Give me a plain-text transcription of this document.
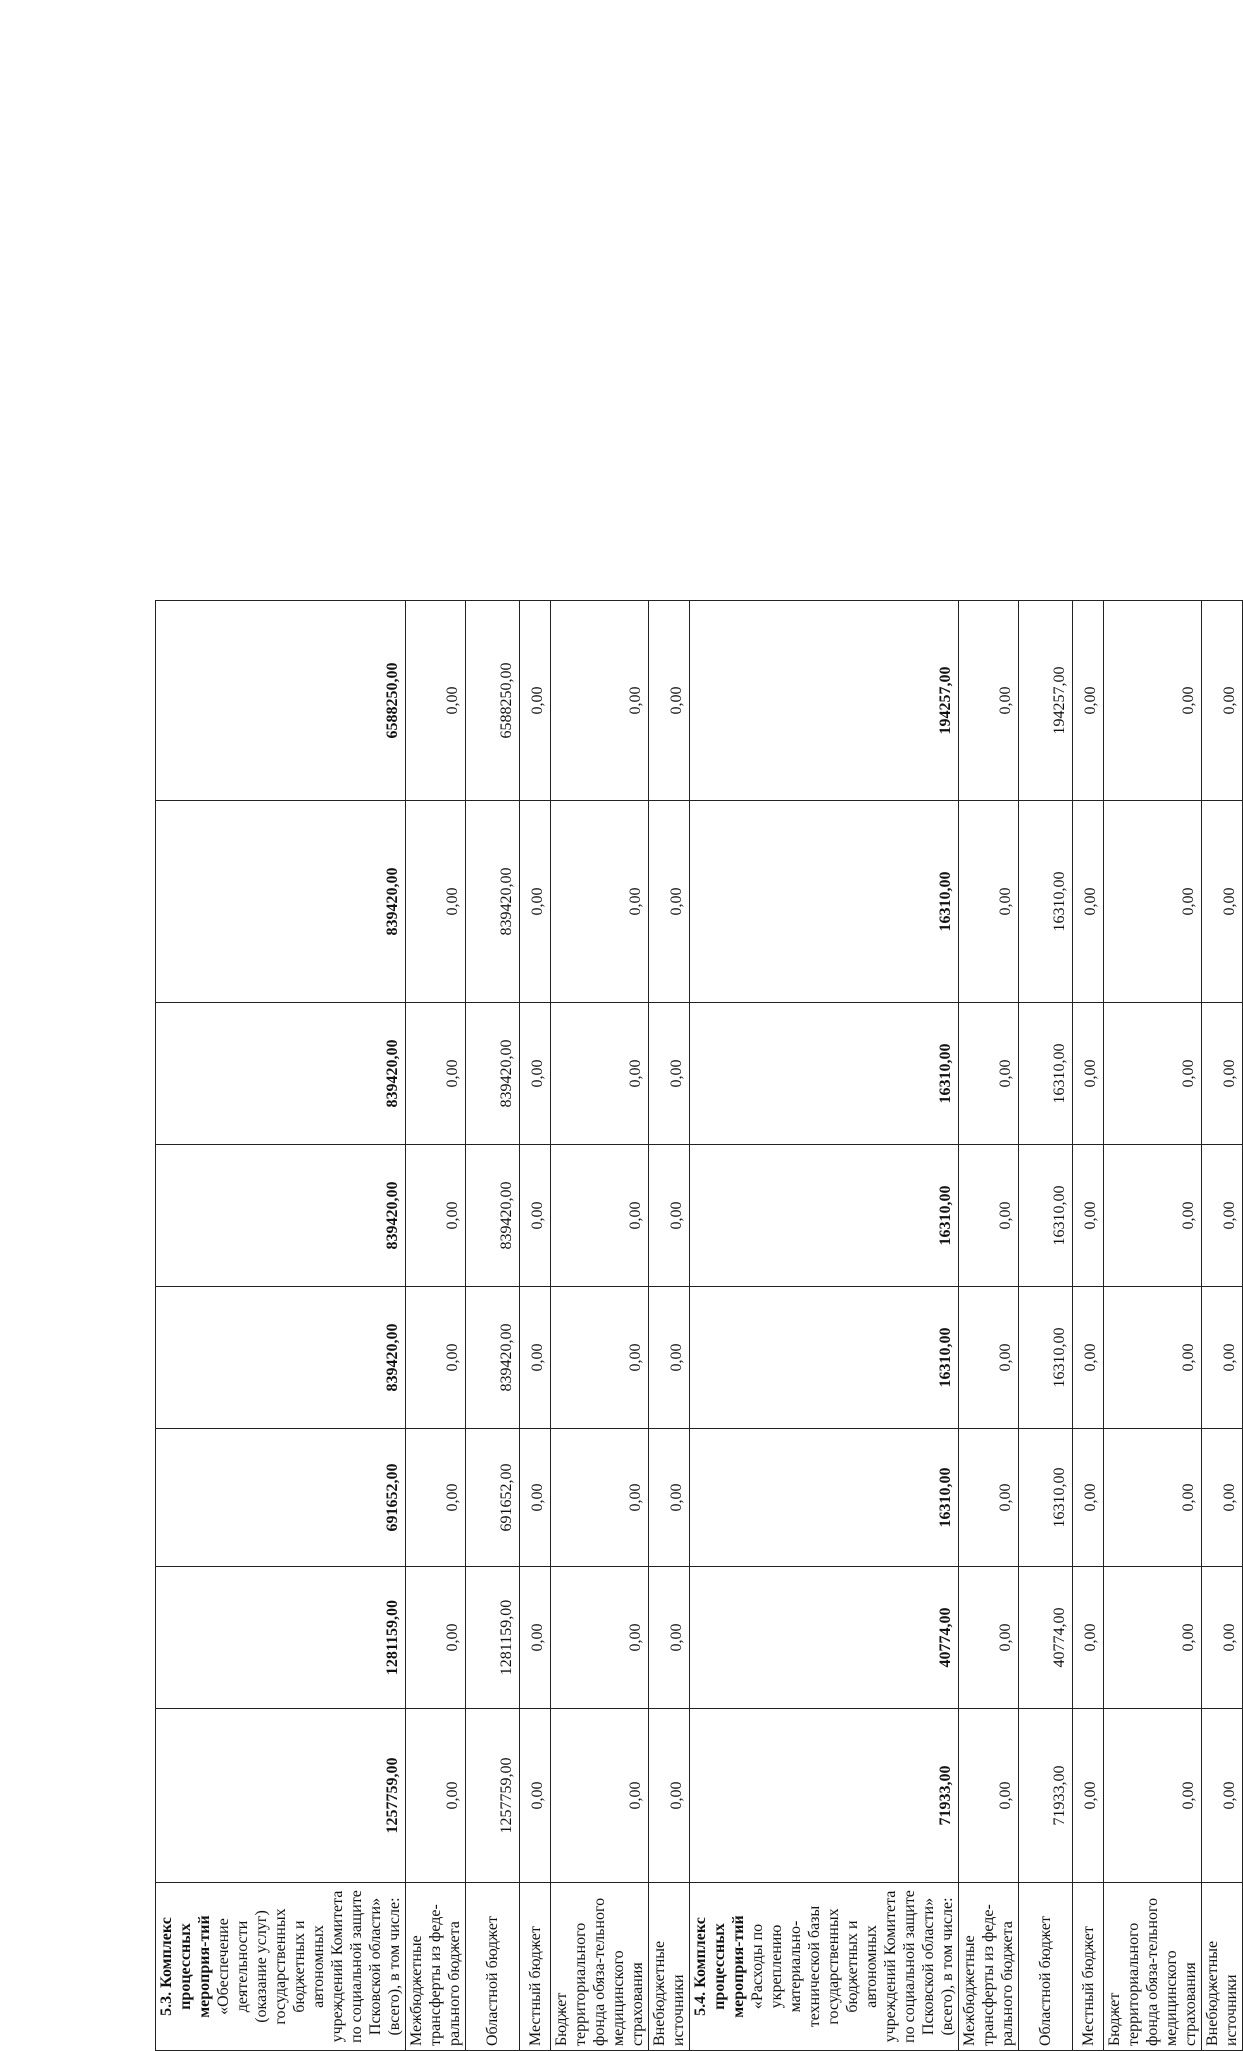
5.3. Комплекс процессных мероприя-тий «Обеспечение деятельности (оказание услуг) государственных бюджетных и автономных учреждений Комитета по социальной защите Псковской области» (всего), в том числе:	1257759,00	1281159,00	691652,00	839420,00	839420,00	839420,00	839420,00	6588250,00
Межбюджетные трансферты из феде-рального бюджета	0,00	0,00	0,00	0,00	0,00	0,00	0,00	0,00
Областной бюджет	1257759,00	1281159,00	691652,00	839420,00	839420,00	839420,00	839420,00	6588250,00
Местный бюджет	0,00	0,00	0,00	0,00	0,00	0,00	0,00	0,00
Бюджет территориального фонда обяза-тельного медицинского страхования	0,00	0,00	0,00	0,00	0,00	0,00	0,00	0,00
Внебюджетные источники	0,00	0,00	0,00	0,00	0,00	0,00	0,00	0,00

5.4. Комплекс процессных мероприя-тий «Расходы по укреплению материально-технической базы государственных бюджетных и автономных учреждений Комитета по социальной защите Псковской области» (всего), в том числе:	71933,00	40774,00	16310,00	16310,00	16310,00	16310,00	16310,00	194257,00
Межбюджетные трансферты из феде-рального бюджета	0,00	0,00	0,00	0,00	0,00	0,00	0,00	0,00
Областной бюджет	71933,00	40774,00	16310,00	16310,00	16310,00	16310,00	16310,00	194257,00
Местный бюджет	0,00	0,00	0,00	0,00	0,00	0,00	0,00	0,00
Бюджет территориального фонда обяза-тельного медицинского страхования	0,00	0,00	0,00	0,00	0,00	0,00	0,00	0,00
Внебюджетные источники	0,00	0,00	0,00	0,00	0,00	0,00	0,00	0,00
